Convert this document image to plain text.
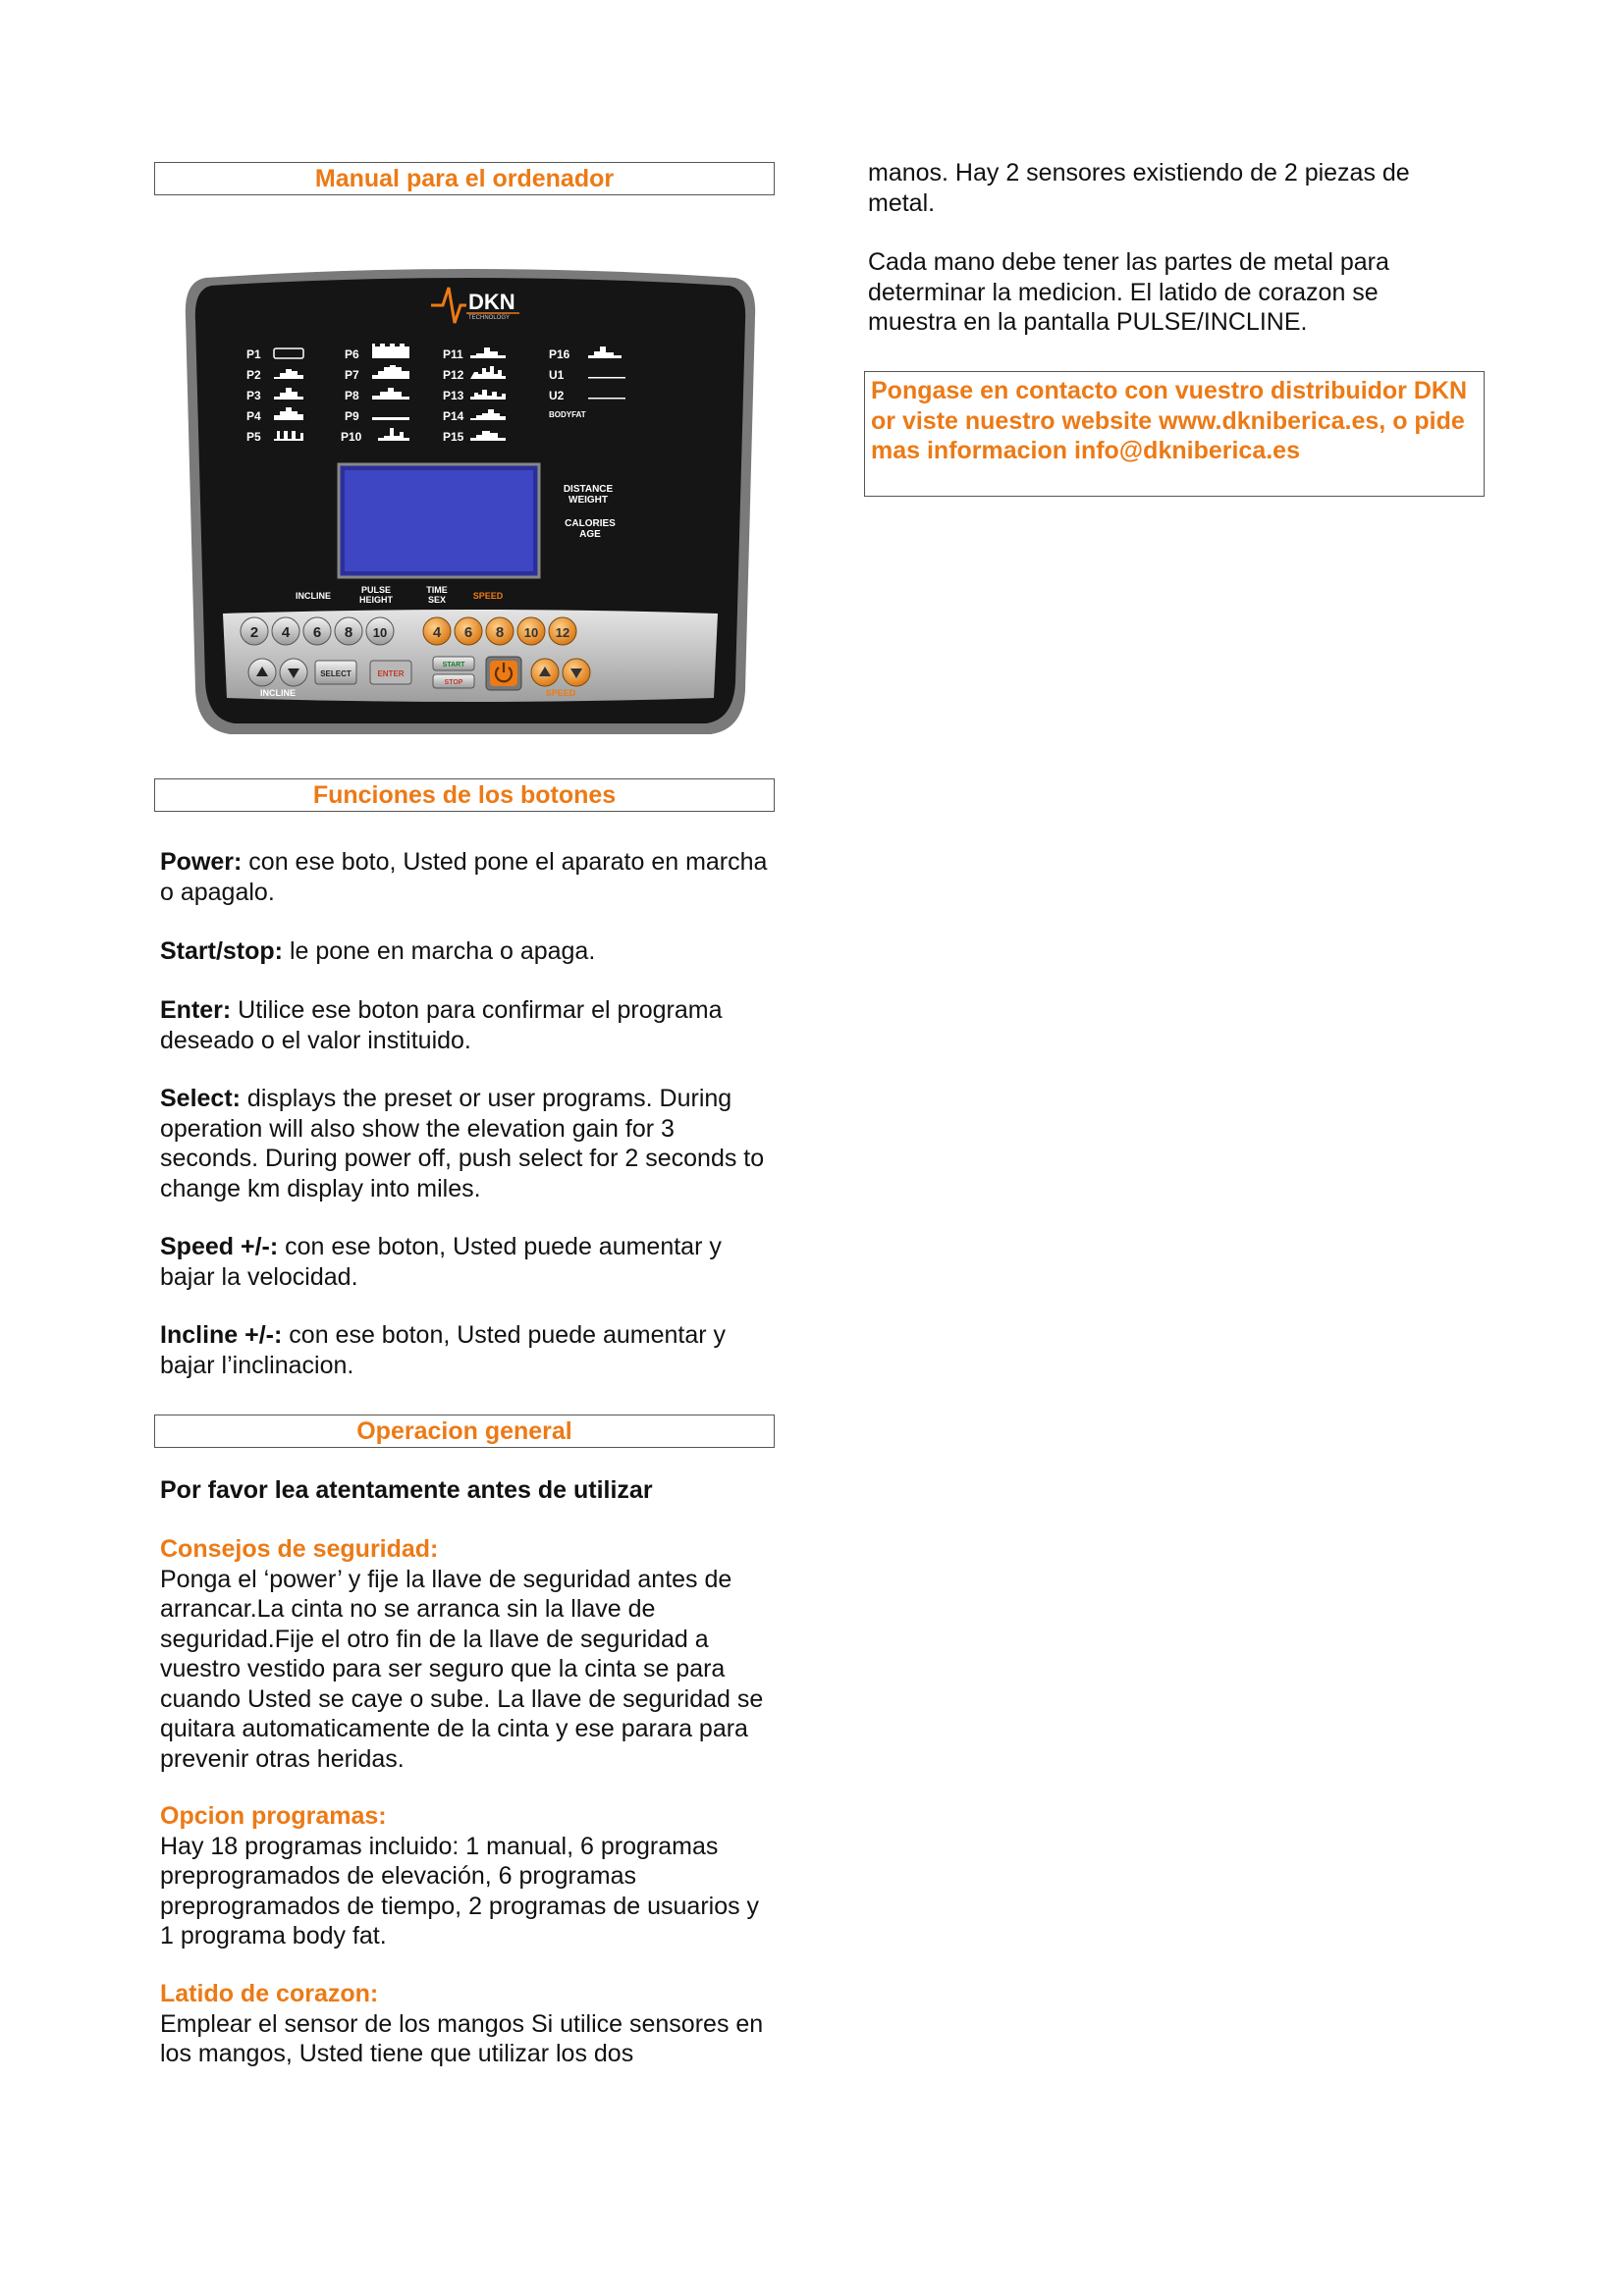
Manual para el ordenador
DKN
TECHNOLOGY
P1
P2
P3
P4
P5
P6
P7
P8
P9
P10
P11
P12
P13
P14
P15
P16
U1
U2
BODYFAT
DISTANCE
WEIGHT
CALORIES
AGE
INCLINE
PULSE
HEIGHT
TIME
SEX	SPEED
2 4 6 8 10	4 6 8 10 12
SELECT	ENTER
START
STOP
INCLINE	SPEED
Funciones de los botones

Power: con ese boto, Usted pone el aparato en marcha o apagalo.

Start/stop: le pone en marcha o apaga.

Enter: Utilice ese boton para confirmar el programa deseado o el valor instituido.

Select: displays the preset or user programs. During operation will also show the elevation gain for 3 seconds. During power off, push select for 2 seconds to change km display into miles.

Speed +/-: con ese boton, Usted puede aumentar y bajar la velocidad.

Incline +/-: con ese boton, Usted puede aumentar y bajar l’inclinacion.

Operacion general

Por favor lea atentamente antes de utilizar

Consejos de seguridad:

Ponga el ‘power’ y fije la llave de seguridad antes de arrancar.La cinta no se arranca sin la llave de seguridad.Fije el otro fin de la llave de seguridad a vuestro vestido para ser seguro que la cinta se para cuando Usted se caye o sube. La llave de seguridad se quitara automaticamente de la cinta y ese parara para prevenir otras heridas.

Opcion programas:

Hay 18 programas incluido: 1 manual, 6 programas preprogramados de elevación, 6 programas preprogramados de tiempo, 2 programas de usuarios y 1 programa body fat.

Latido de corazon:

Emplear el sensor de los mangos Si utilice sensores en los mangos, Usted tiene que utilizar los dos

manos. Hay 2 sensores existiendo de 2 piezas de metal.

Cada mano debe tener las partes de metal para determinar la medicion. El latido de corazon se muestra en la pantalla PULSE/INCLINE.

Pongase en contacto con vuestro distribuidor DKN or viste nuestro website www.dkniberica.es, o pide mas informacion info@dkniberica.es
